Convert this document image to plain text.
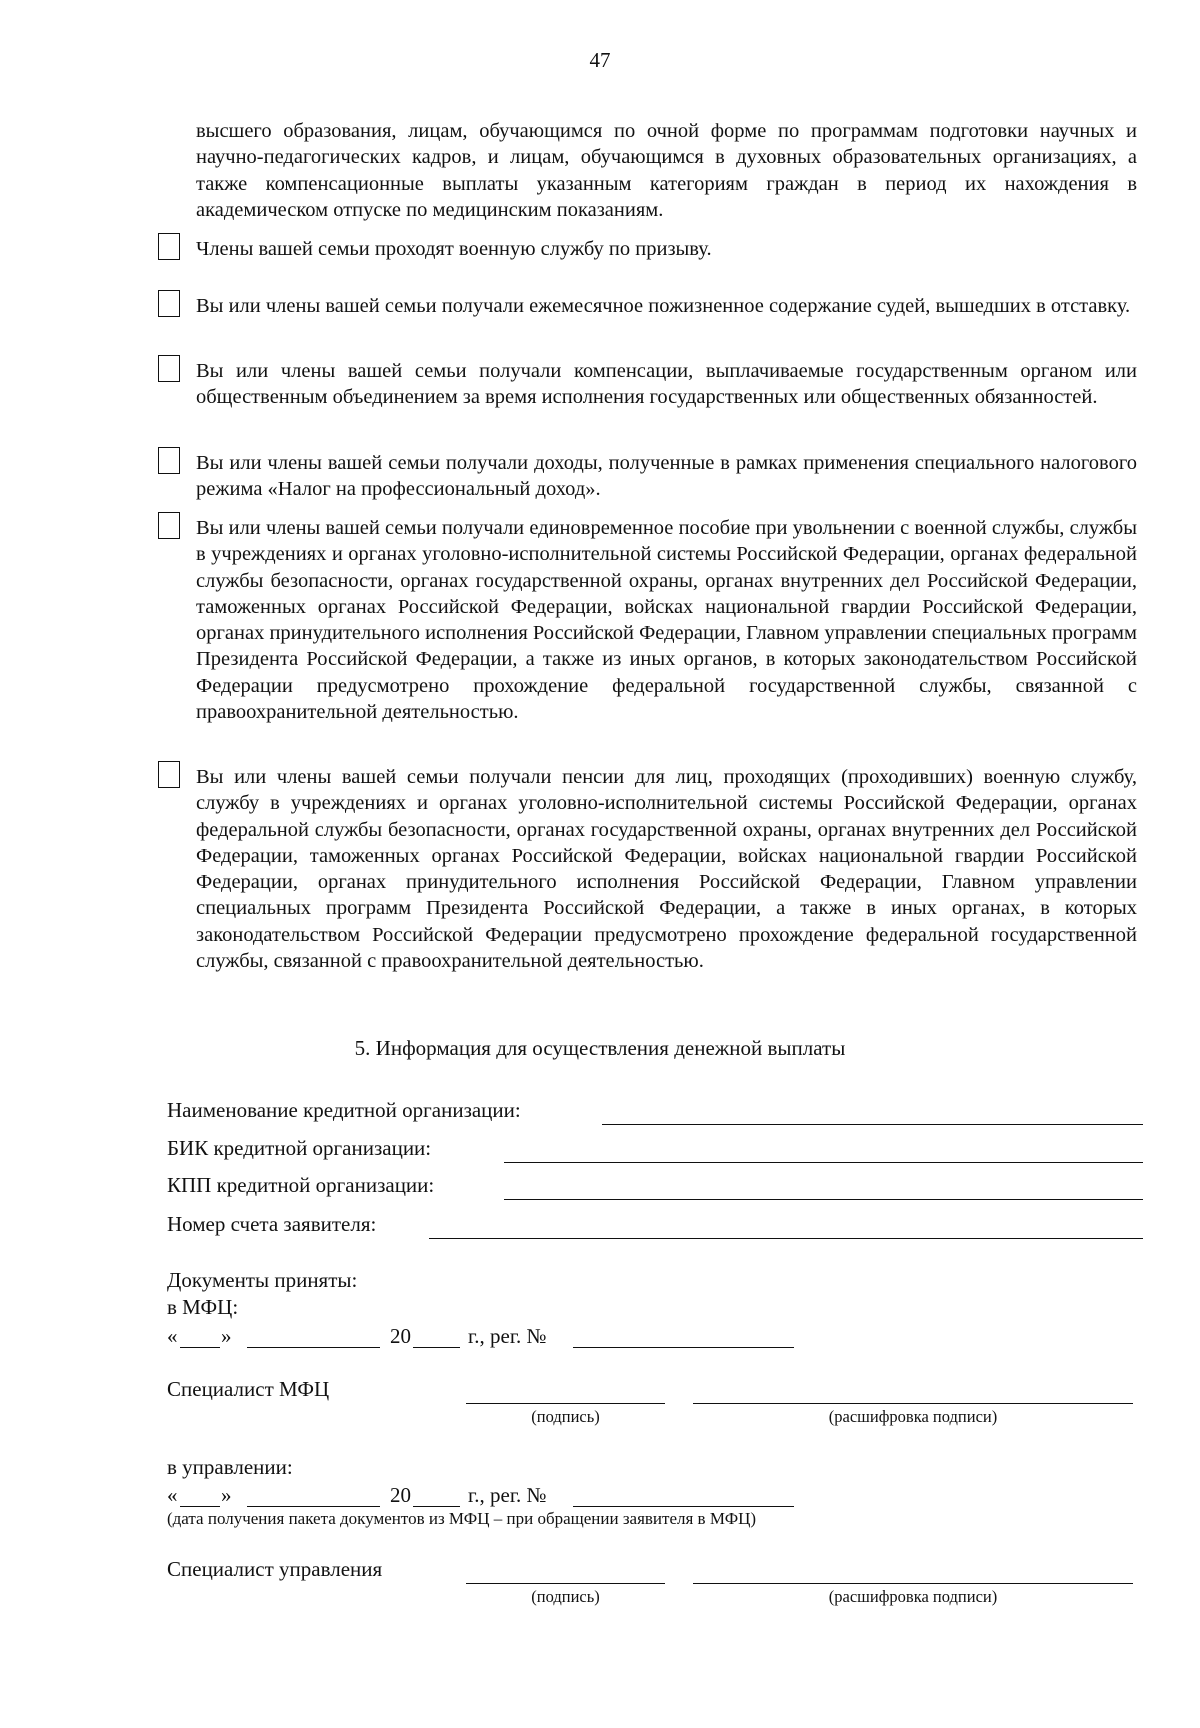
47
высшего образования, лицам, обучающимся по очной форме по программам подготовки научных и научно-педагогических кадров, и лицам, обучающимся в духовных образовательных организациях, а также компенсационные выплаты указанным категориям граждан в период их нахождения в академическом отпуске по медицинским показаниям.
Члены вашей семьи проходят военную службу по призыву.
Вы или члены вашей семьи получали ежемесячное пожизненное содержание судей, вышедших в отставку.
Вы или члены вашей семьи получали компенсации, выплачиваемые государственным органом или общественным объединением за время исполнения государственных или общественных обязанностей.
Вы или члены вашей семьи получали доходы, полученные в рамках применения специального налогового режима «Налог на профессиональный доход».
Вы или члены вашей семьи получали единовременное пособие при увольнении с военной службы, службы в учреждениях и органах уголовно-исполнительной системы Российской Федерации, органах федеральной службы безопасности, органах государственной охраны, органах внутренних дел Российской Федерации, таможенных органах Российской Федерации, войсках национальной гвардии Российской Федерации, органах принудительного исполнения Российской Федерации, Главном управлении специальных программ Президента Российской Федерации, а также из иных органов, в которых законодательством Российской Федерации предусмотрено прохождение федеральной государственной службы, связанной с правоохранительной деятельностью.
Вы или члены вашей семьи получали пенсии для лиц, проходящих (проходивших) военную службу, службу в учреждениях и органах уголовно-исполнительной системы Российской Федерации, органах федеральной службы безопасности, органах государственной охраны, органах внутренних дел Российской Федерации, таможенных органах Российской Федерации, войсках национальной гвардии Российской Федерации, органах принудительного исполнения Российской Федерации, Главном управлении специальных программ Президента Российской Федерации, а также в иных органах, в которых законодательством Российской Федерации предусмотрено прохождение федеральной государственной службы, связанной с правоохранительной деятельностью.
5. Информация для осуществления денежной выплаты
Наименование кредитной организации:
БИК кредитной организации:
КПП кредитной организации:
Номер счета заявителя:
Документы приняты:
в МФЦ:
« »	20	г., рег. №
Специалист МФЦ
(подпись)	(расшифровка подписи)
в управлении:
« »	20	г., рег. №
(дата получения пакета документов из МФЦ – при обращении заявителя в МФЦ)
Специалист управления
(подпись)	(расшифровка подписи)
